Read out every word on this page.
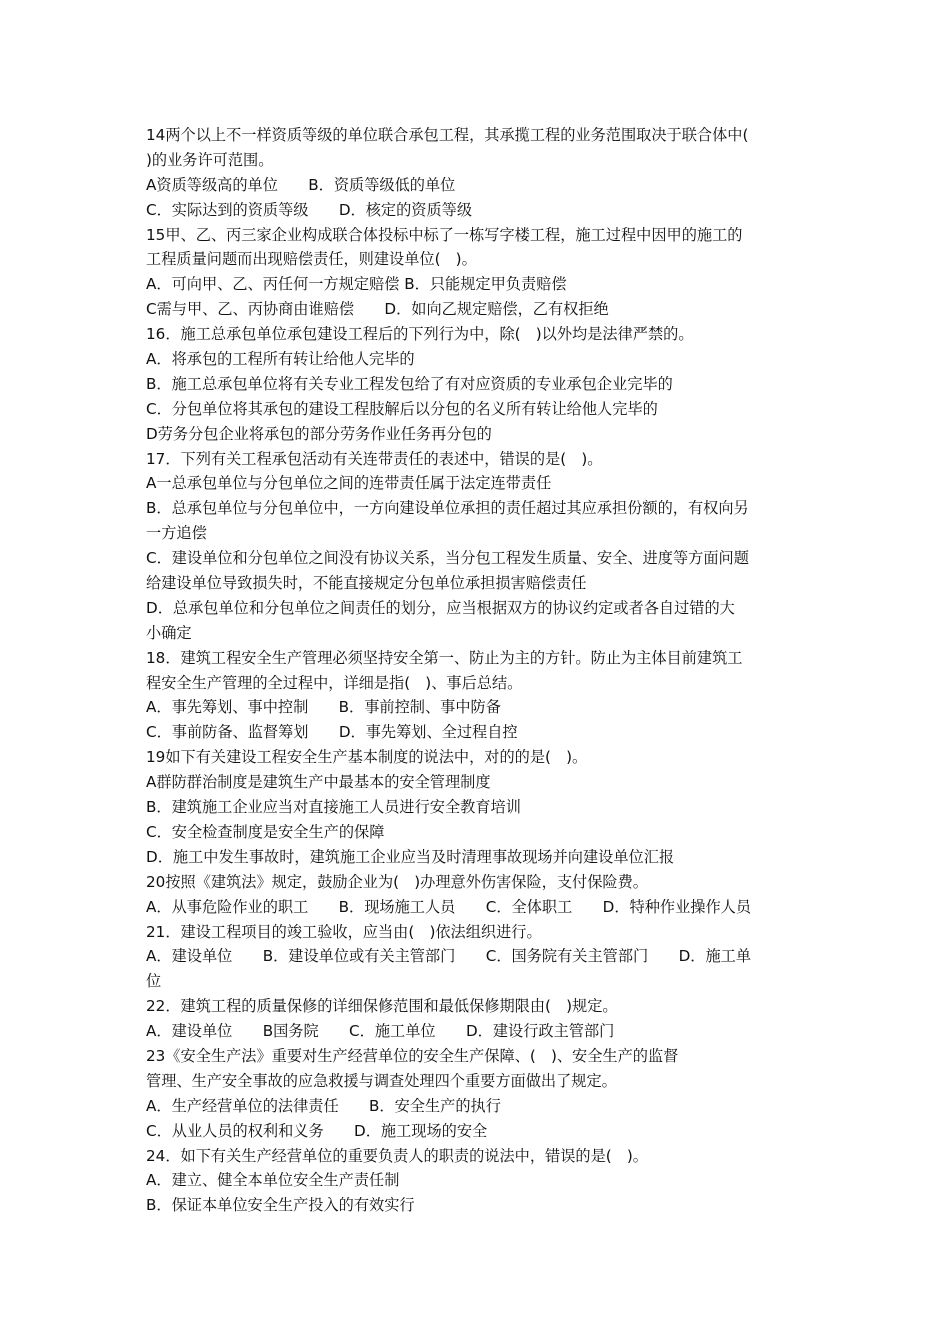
14两个以上不一样资质等级的单位联合承包工程，其承揽工程的业务范围取决于联合体中(
)的业务许可范围。
A资质等级高的单位　　B．资质等级低的单位
C．实际达到的资质等级　　D．核定的资质等级
15甲、乙、丙三家企业构成联合体投标中标了一栋写字楼工程，施工过程中因甲的施工的
工程质量问题而出现赔偿责任，则建设单位(　)。
A．可向甲、乙、丙任何一方规定赔偿 B．只能规定甲负责赔偿
C需与甲、乙、丙协商由谁赔偿　　D．如向乙规定赔偿，乙有权拒绝
16．施工总承包单位承包建设工程后的下列行为中，除(　)以外均是法律严禁的。
A．将承包的工程所有转让给他人完毕的
B．施工总承包单位将有关专业工程发包给了有对应资质的专业承包企业完毕的
C．分包单位将其承包的建设工程肢解后以分包的名义所有转让给他人完毕的
D劳务分包企业将承包的部分劳务作业任务再分包的
17．下列有关工程承包活动有关连带责任的表述中，错误的是(　)。
A一总承包单位与分包单位之间的连带责任属于法定连带责任
B．总承包单位与分包单位中，一方向建设单位承担的责任超过其应承担份额的，有权向另
一方追偿
C．建设单位和分包单位之间没有协议关系，当分包工程发生质量、安全、进度等方面问题
给建设单位导致损失时，不能直接规定分包单位承担损害赔偿责任
D．总承包单位和分包单位之间责任的划分，应当根据双方的协议约定或者各自过错的大
小确定
18．建筑工程安全生产管理必须坚持安全第一、防止为主的方针。防止为主体目前建筑工
程安全生产管理的全过程中，详细是指(　)、事后总结。
A．事先筹划、事中控制　　B．事前控制、事中防备
C．事前防备、监督筹划　　D．事先筹划、全过程自控
19如下有关建设工程安全生产基本制度的说法中，对的的是(　)。
A群防群治制度是建筑生产中最基本的安全管理制度
B．建筑施工企业应当对直接施工人员进行安全教育培训
C．安全检查制度是安全生产的保障
D．施工中发生事故时，建筑施工企业应当及时清理事故现场并向建设单位汇报
20按照《建筑法》规定，鼓励企业为(　)办理意外伤害保险，支付保险费。
A．从事危险作业的职工　　B．现场施工人员　　C．全体职工　　D．特种作业操作人员
21．建设工程项目的竣工验收，应当由(　)依法组织进行。
A．建设单位　　B．建设单位或有关主管部门　　C．国务院有关主管部门　　D．施工单
位
22．建筑工程的质量保修的详细保修范围和最低保修期限由(　)规定。
A．建设单位　　B国务院　　C．施工单位　　D．建设行政主管部门
23《安全生产法》重要对生产经营单位的安全生产保障、(　)、安全生产的监督
管理、生产安全事故的应急救援与调查处理四个重要方面做出了规定。
A．生产经营单位的法律责任　　B．安全生产的执行
C．从业人员的权利和义务　　D．施工现场的安全
24．如下有关生产经营单位的重要负责人的职责的说法中，错误的是(　)。
A．建立、健全本单位安全生产责任制
B．保证本单位安全生产投入的有效实行
